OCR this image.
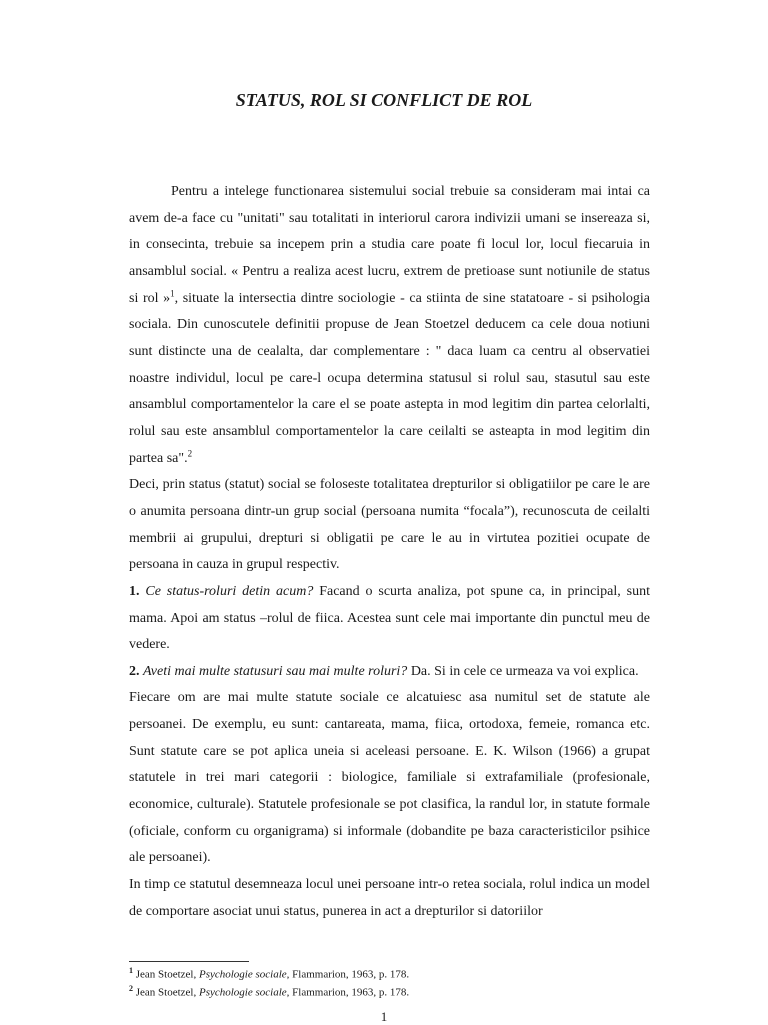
STATUS, ROL SI CONFLICT DE ROL

Pentru a intelege functionarea sistemului social trebuie sa consideram mai intai ca avem de-a face cu "unitati" sau totalitati in interiorul carora indivizii umani se insereaza si, in consecinta, trebuie sa incepem prin a studia care poate fi locul lor, locul fiecaruia in ansamblul social. « Pentru a realiza acest lucru, extrem de pretioase sunt notiunile de status si rol »$^1$, situate la intersectia dintre sociologie - ca stiinta de sine statatoare - si psihologia sociala. Din cunoscutele definitii propuse de Jean Stoetzel deducem ca cele doua notiuni sunt distincte una de cealalta, dar complementare : " daca luam ca centru al observatiei noastre individul, locul pe care-l ocupa determina statusul si rolul sau, stasutul sau este ansamblul comportamentelor la care el se poate astepta in mod legitim din partea celorlalti, rolul sau este ansamblul comportamentelor la care ceilalti se asteapta in mod legitim din partea sa".$^2$

Deci, prin status (statut) social se foloseste totalitatea drepturilor si obligatiilor pe care le are o anumita persoana dintr-un grup social (persoana numita “focala”), recunoscuta de ceilalti membrii ai grupului, drepturi si obligatii pe care le au in virtutea pozitiei ocupate de persoana in cauza in grupul respectiv.

1. Ce status-roluri detin acum? Facand o scurta analiza, pot spune ca, in principal, sunt mama. Apoi am status –rolul de fiica. Acestea sunt cele mai importante din punctul meu de vedere.

2. Aveti mai multe statusuri sau mai multe roluri? Da. Si in cele ce urmeaza va voi explica.

Fiecare om are mai multe statute sociale ce alcatuiesc asa numitul set de statute ale persoanei. De exemplu, eu sunt: cantareata, mama, fiica, ortodoxa, femeie, romanca etc. Sunt statute care se pot aplica uneia si aceleasi persoane. E. K. Wilson (1966) a grupat statutele in trei mari categorii : biologice, familiale si extrafamiliale (profesionale, economice, culturale). Statutele profesionale se pot clasifica, la randul lor, in statute formale (oficiale, conform cu organigrama) si informale (dobandite pe baza caracteristicilor psihice ale persoanei).

In timp ce statutul desemneaza locul unei persoane intr-o retea sociala, rolul indica un model de comportare asociat unui status, punerea in act a drepturilor si datoriilor

$^1$ Jean Stoetzel, Psychologie sociale, Flammarion, 1963, p. 178.
$^2$ Jean Stoetzel, Psychologie sociale, Flammarion, 1963, p. 178.
1
